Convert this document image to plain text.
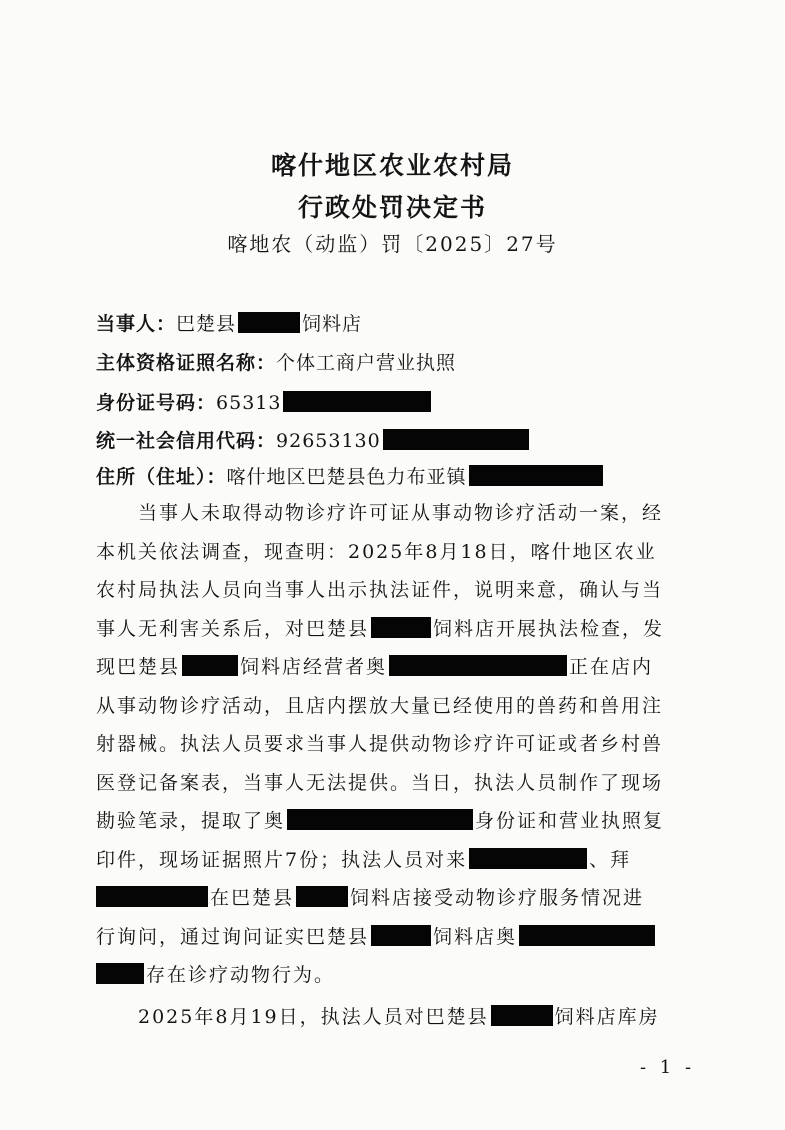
喀什地区农业农村局
行政处罚决定书
喀地农（动监）罚〔2025〕27号
当事人：巴楚县	饲料店
主体资格证照名称：个体工商户营业执照
身份证号码：65313
统一社会信用代码：92653130
住所（住址）：喀什地区巴楚县色力布亚镇
当事人未取得动物诊疗许可证从事动物诊疗活动一案，经
本机关依法调查，现查明：2025年8月18日，喀什地区农业
农村局执法人员向当事人出示执法证件，说明来意，确认与当
事人无利害关系后，对巴楚县	饲料店开展执法检查，发
现巴楚县	饲料店经营者奥	正在店内
从事动物诊疗活动，且店内摆放大量已经使用的兽药和兽用注
射器械。执法人员要求当事人提供动物诊疗许可证或者乡村兽
医登记备案表，当事人无法提供。当日，执法人员制作了现场
勘验笔录，提取了奥	身份证和营业执照复
印件，现场证据照片7份；执法人员对来	、拜
在巴楚县	饲料店接受动物诊疗服务情况进
行询问，通过询问证实巴楚县	饲料店奥
存在诊疗动物行为。
2025年8月19日，执法人员对巴楚县	饲料店库房
- 1 -
